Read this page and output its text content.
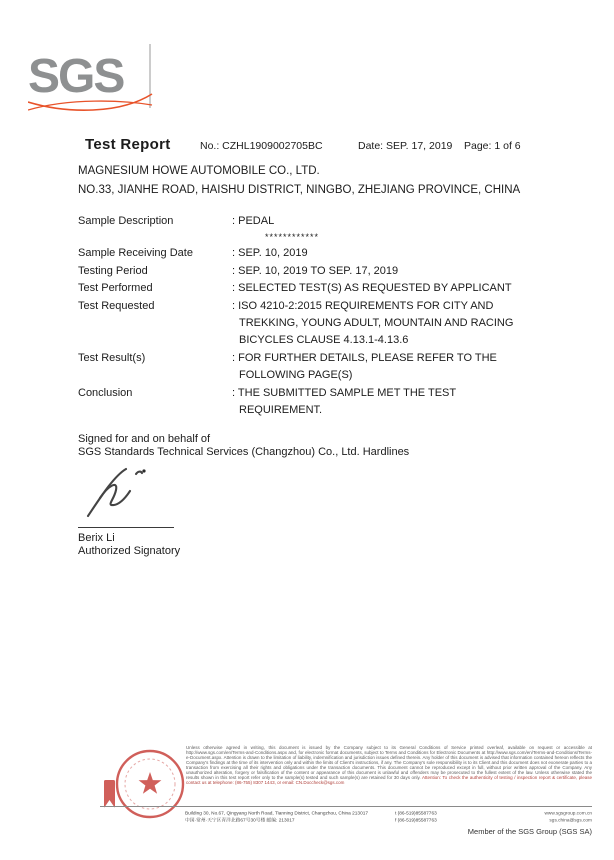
SGS
Test Report	No.: CZHL1909002705BC	Date: SEP. 17, 2019 Page: 1 of 6
MAGNESIUM HOWE AUTOMOBILE CO., LTD.
NO.33, JIANHE ROAD, HAISHU DISTRICT, NINGBO, ZHEJIANG PROVINCE, CHINA
Sample Description	: PEDAL
************
Sample Receiving Date	: SEP. 10, 2019
Testing Period	: SEP. 10, 2019 TO SEP. 17, 2019
Test Performed	: SELECTED TEST(S) AS REQUESTED BY APPLICANT
Test Requested	: ISO 4210-2:2015 REQUIREMENTS FOR CITY AND
TREKKING, YOUNG ADULT, MOUNTAIN AND RACING
BICYCLES CLAUSE 4.13.1-4.13.6
Test Result(s)	: FOR FURTHER DETAILS, PLEASE REFER TO THE
FOLLOWING PAGE(S)
Conclusion	: THE SUBMITTED SAMPLE MET THE TEST
REQUIREMENT.
Signed for and on behalf of
SGS Standards Technical Services (Changzhou) Co., Ltd. Hardlines
Berix Li
Authorized Signatory
Unless otherwise agreed in writing, this document is issued by the Company subject to its General Conditions of Service printed overleaf, available on request or accessible at http://www.sgs.com/en/Terms-and-Conditions.aspx and, for electronic format documents, subject to Terms and Conditions for Electronic Documents at http://www.sgs.com/en/Terms-and-Conditions/Terms-e-Document.aspx. Attention is drawn to the limitation of liability, indemnification and jurisdiction issues defined therein. Any holder of this document is advised that information contained hereon reflects the Company's findings at the time of its intervention only and within the limits of Client's instructions, if any. The Company's sole responsibility is to its Client and this document does not exonerate parties to a transaction from exercising all their rights and obligations under the transaction documents. This document cannot be reproduced except in full, without prior written approval of the Company. Any unauthorized alteration, forgery or falsification of the content or appearance of this document is unlawful and offenders may be prosecuted to the fullest extent of the law. Unless otherwise stated the results shown in this test report refer only to the sample(s) tested and such sample(s) are retained for 30 days only. Attention: To check the authenticity of testing / inspection report & certificate, please contact us at telephone: (86-755) 8307 1443, or email: CN.Doccheck@sgs.com
Building 30, No.67, Qingyang North Road, Tianning District, Changzhou, China 213017	t (86-519)85587763	www.sgsgroup.com.cn
中国·常州·天宁区青洋北路67号30号楼 邮编: 213017	f (86-519)85587763	sgs.china@sgs.com
Member of the SGS Group (SGS SA)
